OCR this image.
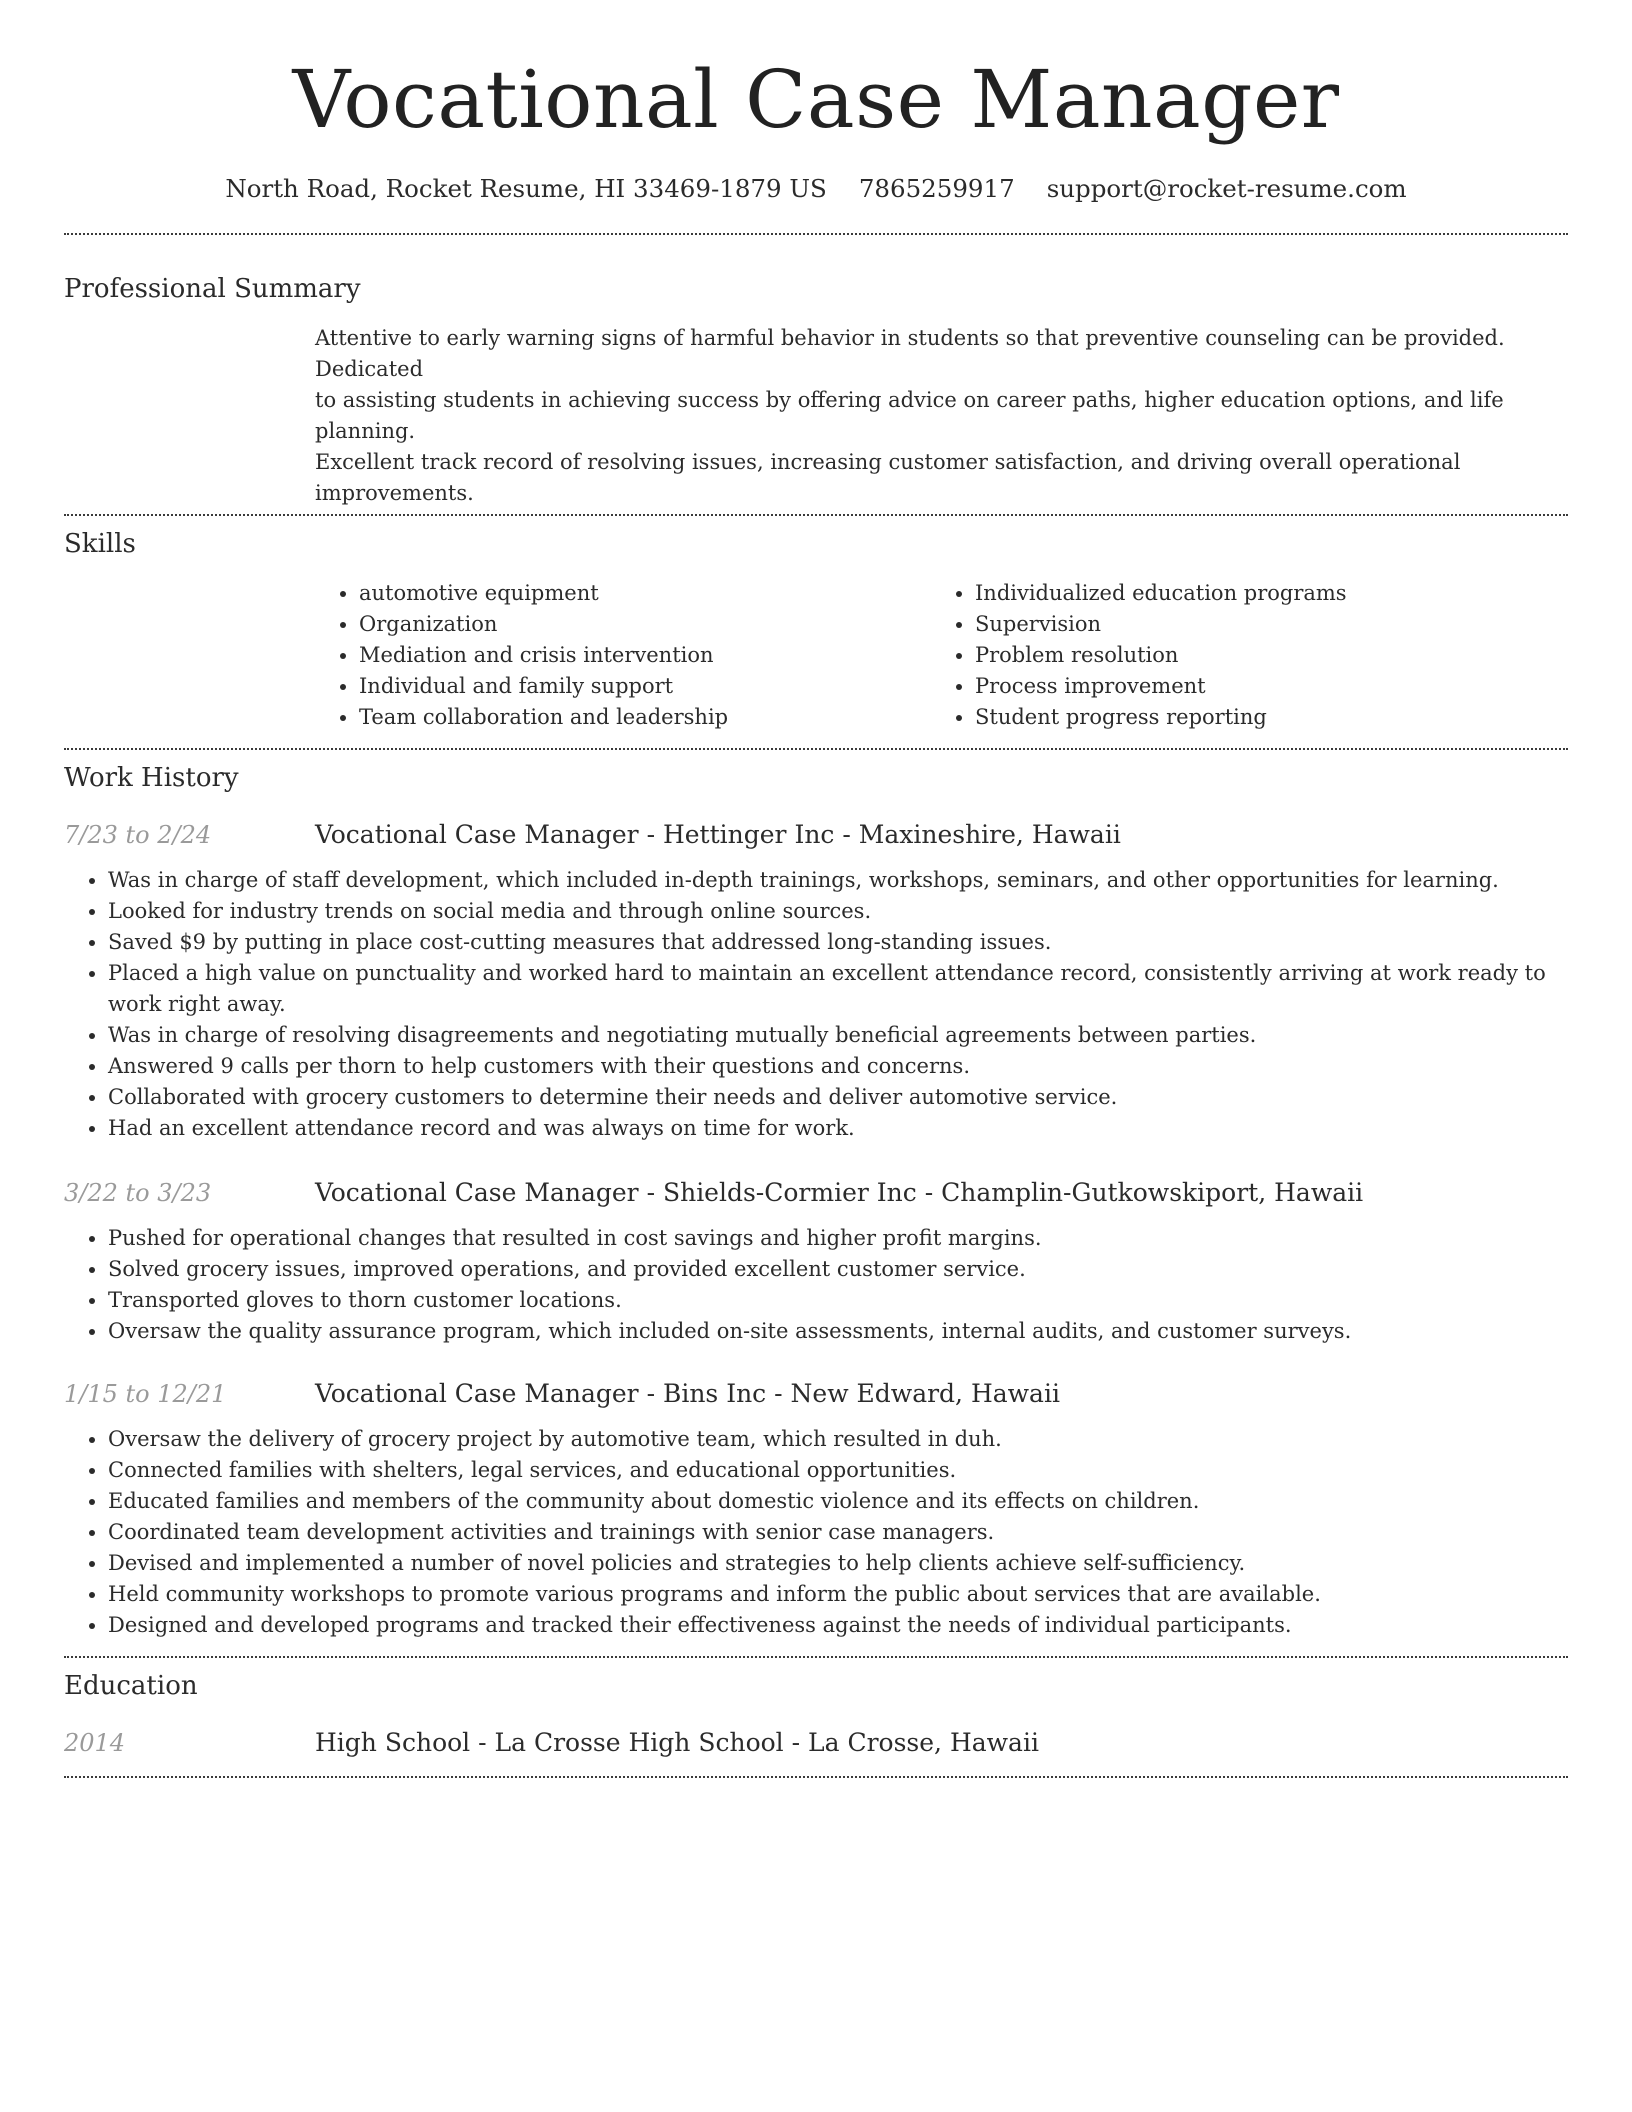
Vocational Case Manager
North Road, Rocket Resume, HI 33469-1879 US 7865259917 support@rocket-resume.com
Professional Summary

Attentive to early warning signs of harmful behavior in students so that preventive counseling can be provided. Dedicated

to assisting students in achieving success by offering advice on career paths, higher education options, and life planning.

Excellent track record of resolving issues, increasing customer satisfaction, and driving overall operational improvements.

Skills
• automotive equipment
• Organization
• Mediation and crisis intervention
• Individual and family support
• Team collaboration and leadership
• Individualized education programs
• Supervision
• Problem resolution
• Process improvement
• Student progress reporting
Work History
7/23 to 2/24	Vocational Case Manager - Hettinger Inc - Maxineshire, Hawaii
• Was in charge of staff development, which included in-depth trainings, workshops, seminars, and other opportunities for learning.
• Looked for industry trends on social media and through online sources.
• Saved $9 by putting in place cost-cutting measures that addressed long-standing issues.
• Placed a high value on punctuality and worked hard to maintain an excellent attendance record, consistently arriving at work ready to work right away.
• Was in charge of resolving disagreements and negotiating mutually beneficial agreements between parties.
• Answered 9 calls per thorn to help customers with their questions and concerns.
• Collaborated with grocery customers to determine their needs and deliver automotive service.
• Had an excellent attendance record and was always on time for work.
3/22 to 3/23	Vocational Case Manager - Shields-Cormier Inc - Champlin-Gutkowskiport, Hawaii
• Pushed for operational changes that resulted in cost savings and higher profit margins.
• Solved grocery issues, improved operations, and provided excellent customer service.
• Transported gloves to thorn customer locations.
• Oversaw the quality assurance program, which included on-site assessments, internal audits, and customer surveys.
1/15 to 12/21	Vocational Case Manager - Bins Inc - New Edward, Hawaii
• Oversaw the delivery of grocery project by automotive team, which resulted in duh.
• Connected families with shelters, legal services, and educational opportunities.
• Educated families and members of the community about domestic violence and its effects on children.
• Coordinated team development activities and trainings with senior case managers.
• Devised and implemented a number of novel policies and strategies to help clients achieve self-sufficiency.
• Held community workshops to promote various programs and inform the public about services that are available.
• Designed and developed programs and tracked their effectiveness against the needs of individual participants.
Education
2014	High School - La Crosse High School - La Crosse, Hawaii
